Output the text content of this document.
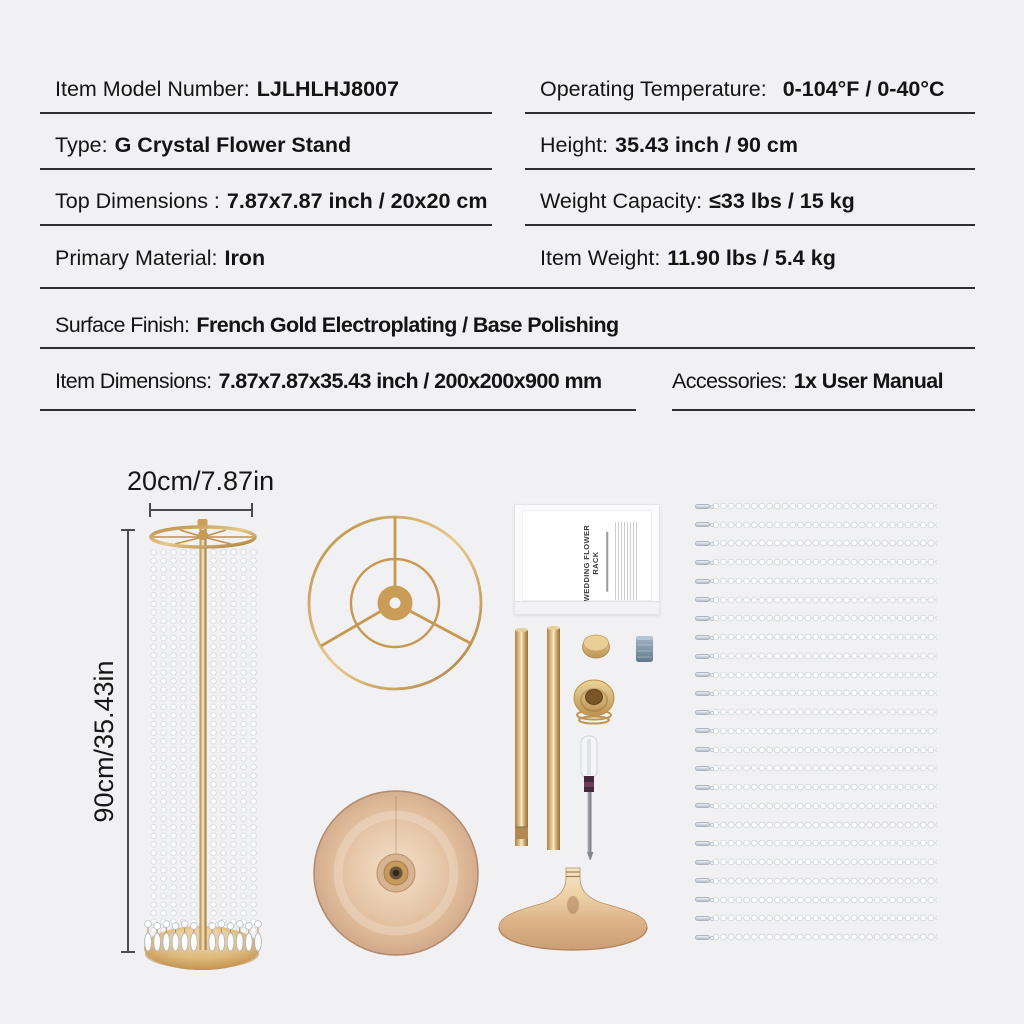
Item Model Number: LJLHLHJ8007	Operating Temperature: 0-104°F / 0-40°C
Type: G Crystal Flower Stand	Height: 35.43 inch / 90 cm
Top Dimensions : 7.87x7.87 inch / 20x20 cm Weight Capacity: ≤33 lbs / 15 kg
Primary Material: Iron	Item Weight: 11.90 lbs / 5.4 kg
Surface Finish: French Gold Electroplating / Base Polishing
Item Dimensions: 7.87x7.87x35.43 inch / 200x200x900 mm	Accessories: 1x User Manual
20cm/7.87in
90cm/35.43in
WEDDING FLOWER RACK
